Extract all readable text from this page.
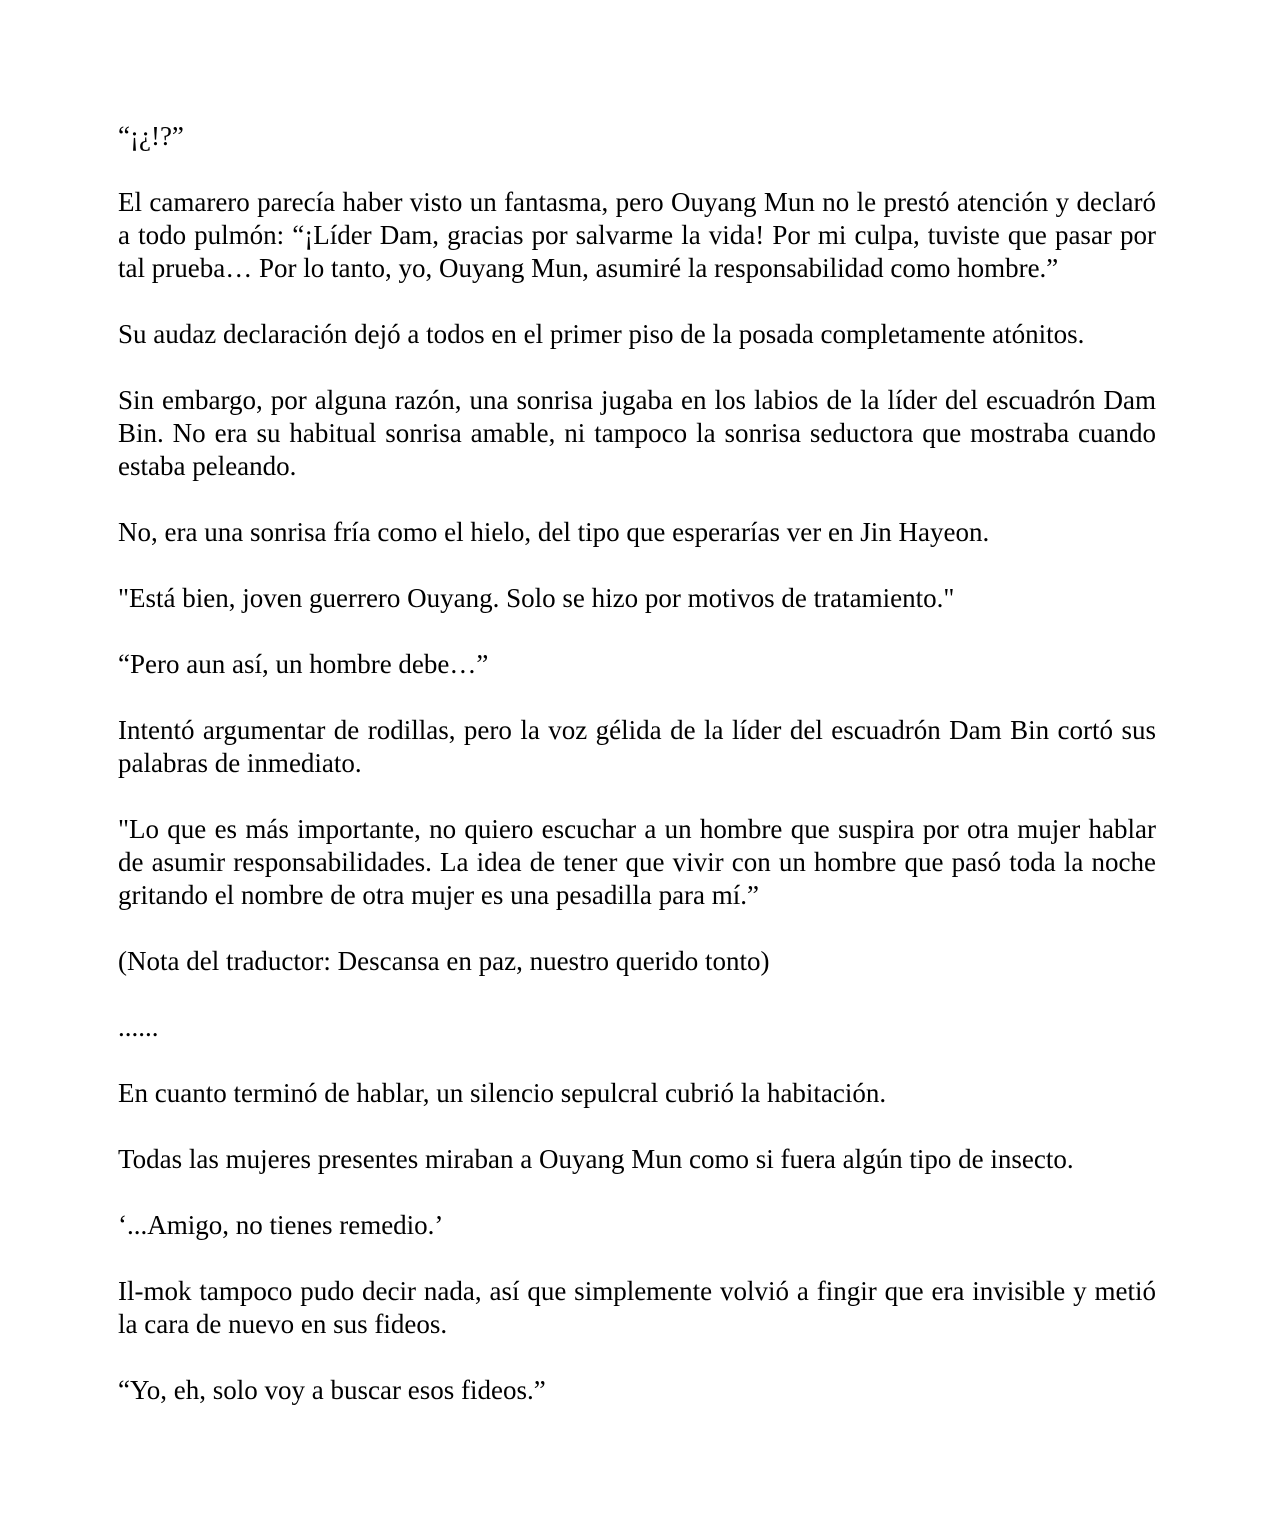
“¡¿!?”

El camarero parecía haber visto un fantasma, pero Ouyang Mun no le prestó atención y declaró a todo pulmón: “¡Líder Dam, gracias por salvarme la vida! Por mi culpa, tuviste que pasar por tal prueba… Por lo tanto, yo, Ouyang Mun, asumiré la responsabilidad como hombre.”

Su audaz declaración dejó a todos en el primer piso de la posada completamente atónitos.

Sin embargo, por alguna razón, una sonrisa jugaba en los labios de la líder del escuadrón Dam Bin. No era su habitual sonrisa amable, ni tampoco la sonrisa seductora que mostraba cuando estaba peleando.

No, era una sonrisa fría como el hielo, del tipo que esperarías ver en Jin Hayeon.

"Está bien, joven guerrero Ouyang. Solo se hizo por motivos de tratamiento."

“Pero aun así, un hombre debe…”

Intentó argumentar de rodillas, pero la voz gélida de la líder del escuadrón Dam Bin cortó sus palabras de inmediato.

"Lo que es más importante, no quiero escuchar a un hombre que suspira por otra mujer hablar de asumir responsabilidades. La idea de tener que vivir con un hombre que pasó toda la noche gritando el nombre de otra mujer es una pesadilla para mí.”

(Nota del traductor: Descansa en paz, nuestro querido tonto)

......

En cuanto terminó de hablar, un silencio sepulcral cubrió la habitación.

Todas las mujeres presentes miraban a Ouyang Mun como si fuera algún tipo de insecto.

‘...Amigo, no tienes remedio.’

Il-mok tampoco pudo decir nada, así que simplemente volvió a fingir que era invisible y metió la cara de nuevo en sus fideos.

“Yo, eh, solo voy a buscar esos fideos.”
